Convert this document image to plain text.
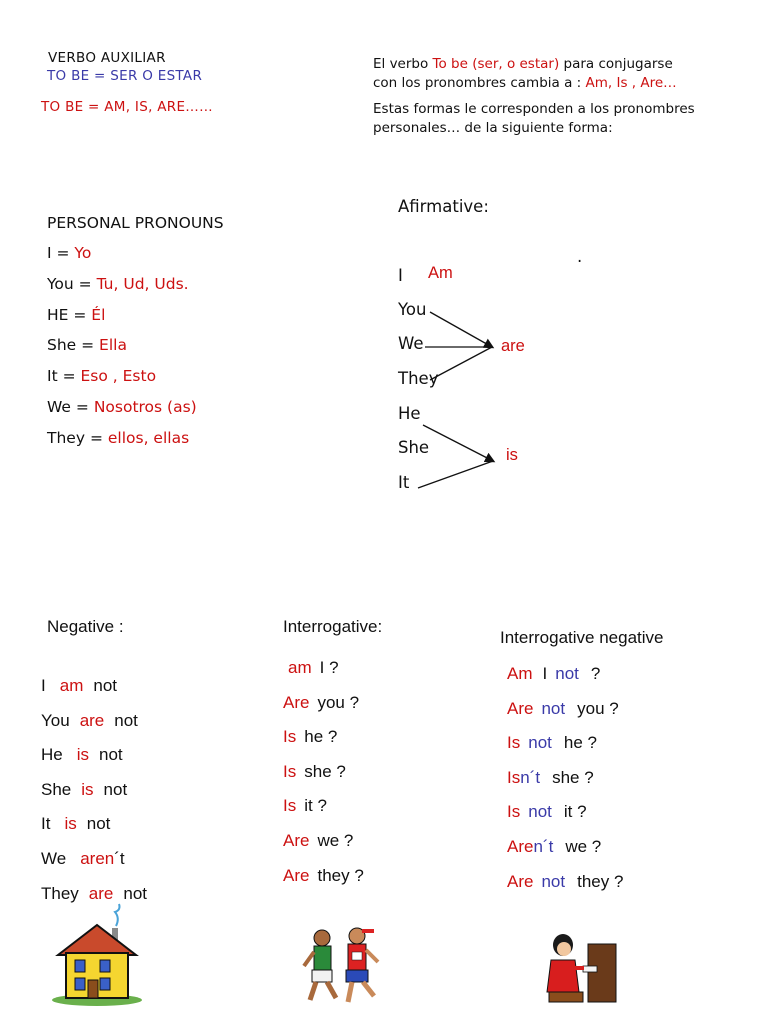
VERBO AUXILIAR
TO BE = SER O ESTAR
TO BE = AM, IS, ARE……
El verbo To be (ser, o estar) para conjugarse
con los pronombres cambia a : Am, Is , Are…
Estas formas le corresponden a los pronombres
personales… de la siguiente forma:
PERSONAL PRONOUNS
I = Yo
You = Tu, Ud, Uds.
HE = Él
She = Ella
It = Eso , Esto
We = Nosotros (as)
They = ellos, ellas
Afirmative:
.
I Am
You
We
They
are
He
She
It
is
Negative :
I am not
You are not
He is not
She is not
It is not
We aren´t
They are not
Interrogative:
am I ?
Are you ?
Is he ?
Is she ?
Is it ?
Are we ?
Are they ?
Interrogative negative
Am I not ?
Are not you ?
Is not he ?
Isn´t she ?
Is not it ?
Aren´t we ?
Are not they ?
